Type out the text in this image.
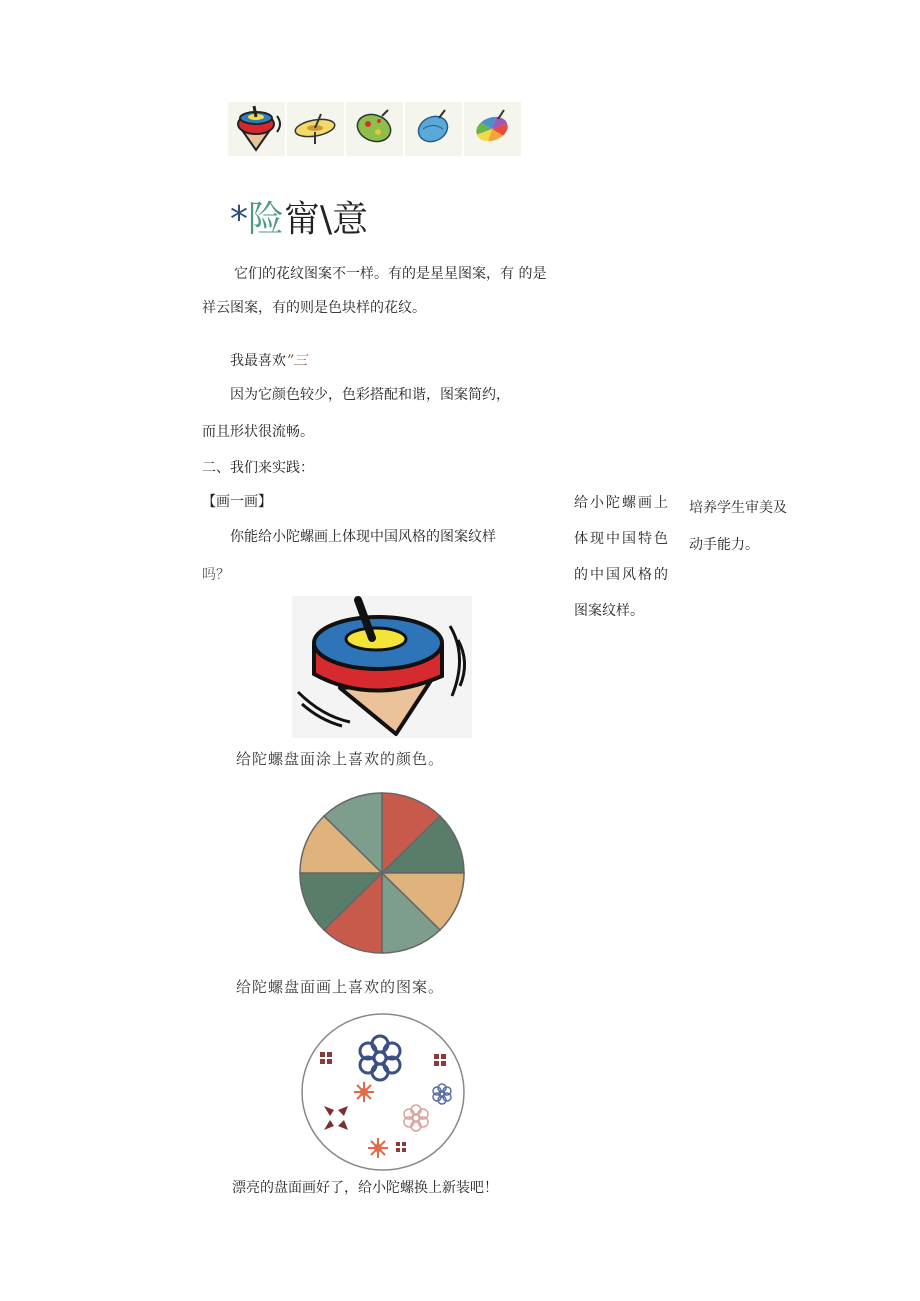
*险甯\意
它们的花纹图案不一样。有的是星星图案，有 的是
祥云图案，有的则是色块样的花纹。
我最喜欢”三
因为它颜色较少，色彩搭配和谐，图案简约，
而且形状很流畅。
二、我们来实践：
【画一画】
你能给小陀螺画上体现中国风格的图案纹样
吗？
给小陀螺画上
体现中国特色
的中国风格的
图案纹样。
培养学生审美及
动手能力。
给陀螺盘面涂上喜欢的颜色。
给陀螺盘面画上喜欢的图案。
漂亮的盘面画好了，给小陀螺换上新装吧！
